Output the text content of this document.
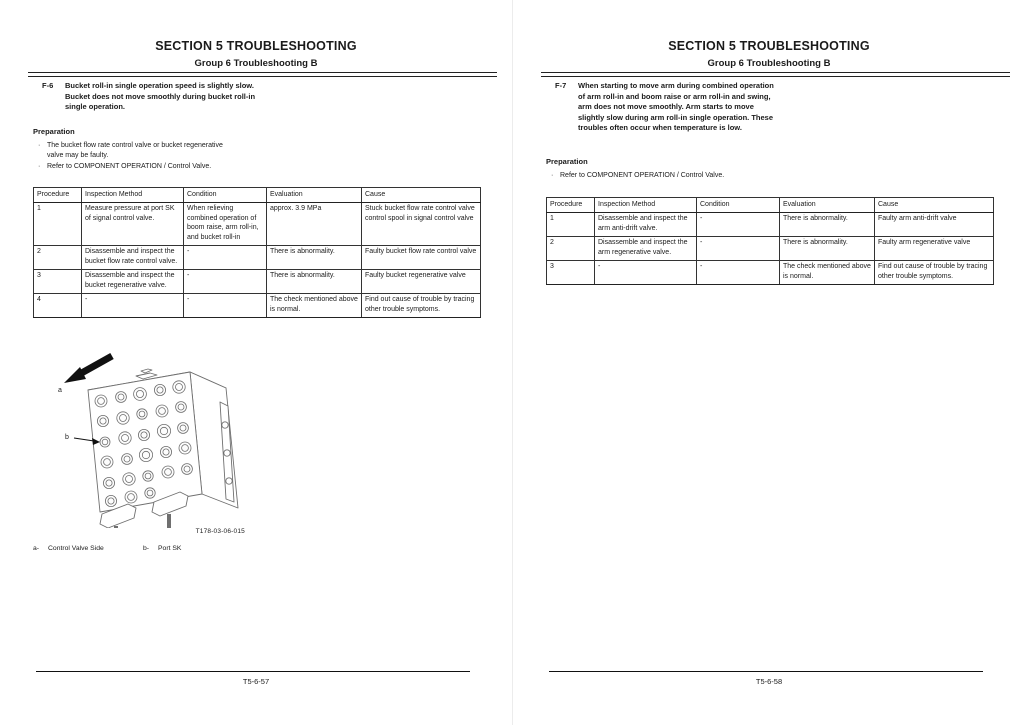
SECTION 5 TROUBLESHOOTING
Group 6 Troubleshooting B
F-6 Bucket roll-in single operation speed is slightly slow. Bucket does not move smoothly during bucket roll-in single operation.
Preparation
· The bucket flow rate control valve or bucket regenerative valve may be faulty.
· Refer to COMPONENT OPERATION / Control Valve.
Procedure	Inspection Method	Condition	Evaluation	Cause
1	Measure pressure at port SK of signal control valve.	When relieving combined operation of boom raise, arm roll-in, and bucket roll-in	approx. 3.9 MPa	Stuck bucket flow rate control valve control spool in signal control valve
2	Disassemble and inspect the bucket flow rate control valve.	-	There is abnormality.	Faulty bucket flow rate control valve
3	Disassemble and inspect the bucket regenerative valve.	-	There is abnormality.	Faulty bucket regenerative valve
4	-	-	The check mentioned above is normal.	Find out cause of trouble by tracing other trouble symptoms.
a
b
T178-03-06-015
a- Control Valve Side	b- Port SK
T5-6-57
SECTION 5 TROUBLESHOOTING
Group 6 Troubleshooting B
F-7 When starting to move arm during combined operation of arm roll-in and boom raise or arm roll-in and swing, arm does not move smoothly. Arm starts to move slightly slow during arm roll-in single operation. These troubles often occur when temperature is low.
Preparation
· Refer to COMPONENT OPERATION / Control Valve.
Procedure	Inspection Method	Condition	Evaluation	Cause
1	Disassemble and inspect the arm anti-drift valve.	-	There is abnormality.	Faulty arm anti-drift valve
2	Disassemble and inspect the arm regenerative valve.	-	There is abnormality.	Faulty arm regenerative valve
3	-	-	The check mentioned above is normal.	Find out cause of trouble by tracing other trouble symptoms.
T5-6-58
